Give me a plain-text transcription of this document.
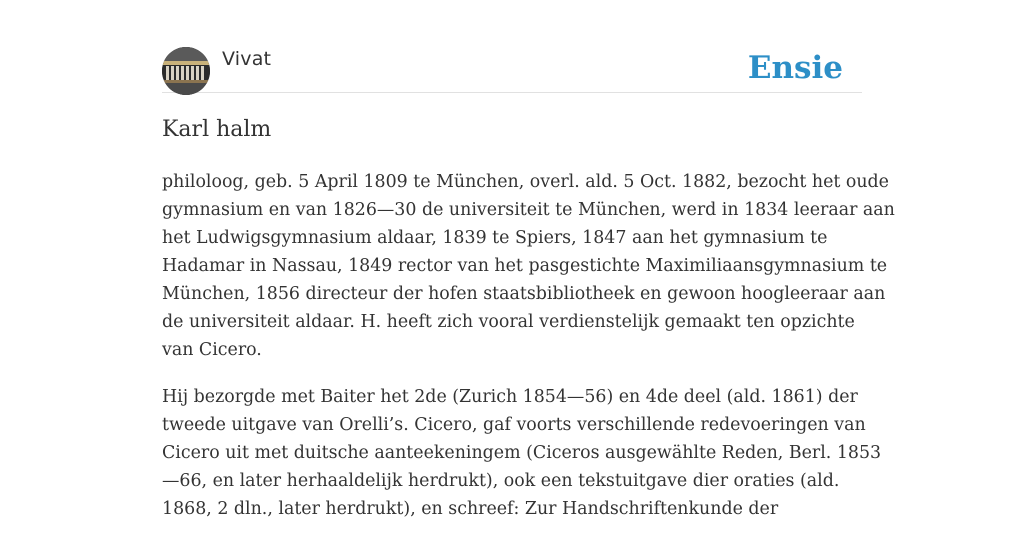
Vivat	Ensie
Karl halm

philoloog, geb. 5 April 1809 te München, overl. ald. 5 Oct. 1882, bezocht het oude
gymnasium en van 1826—30 de universiteit te München, werd in 1834 leeraar aan
het Ludwigsgymnasium aldaar, 1839 te Spiers, 1847 aan het gymnasium te
Hadamar in Nassau, 1849 rector van het pasgestichte Maximiliaansgymnasium te
München, 1856 directeur der hofen staatsbibliotheek en gewoon hoogleeraar aan
de universiteit aldaar. H. heeft zich vooral verdienstelijk gemaakt ten opzichte
van Cicero.

Hij bezorgde met Baiter het 2de (Zurich 1854—56) en 4de deel (ald. 1861) der
tweede uitgave van Orelli’s. Cicero, gaf voorts verschillende redevoeringen van
Cicero uit met duitsche aanteekeningem (Ciceros ausgewählte Reden, Berl. 1853
—66, en later herhaaldelijk herdrukt), ook een tekstuitgave dier oraties (ald.
1868, 2 dln., later herdrukt), en schreef: Zur Handschriftenkunde der
